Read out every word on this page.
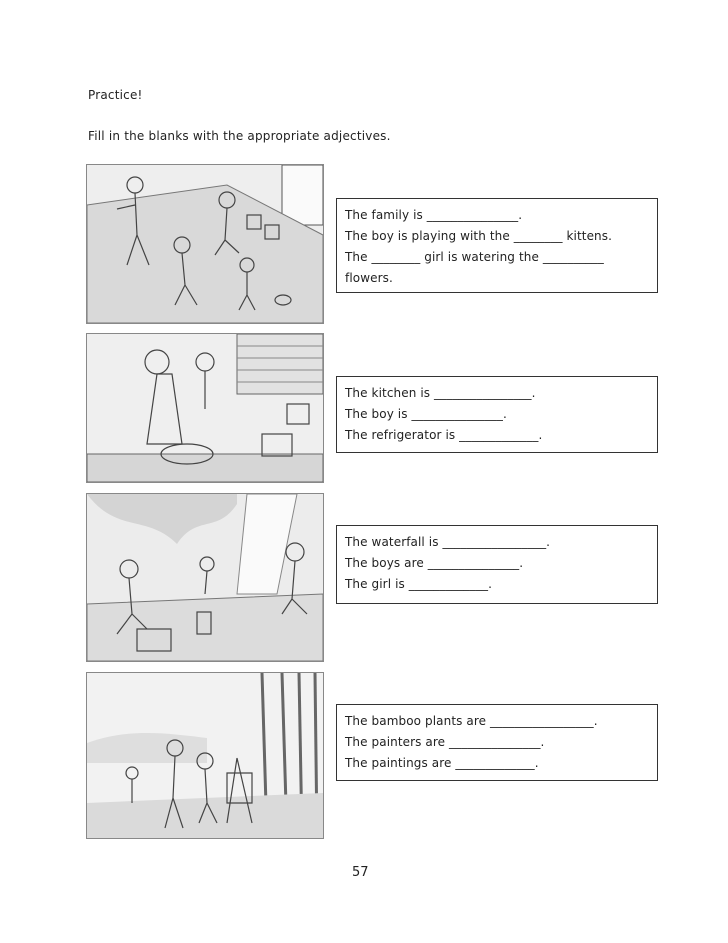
Practice!
Fill in the blanks with the appropriate adjectives.
The family is _______________.
The boy is playing with the ________ kittens.
The ________ girl is watering the __________
flowers.
The kitchen is ________________.
The boy is _______________.
The refrigerator is _____________.
The waterfall is _________________.
The boys are _______________.
The girl is _____________.
The bamboo plants are _________________.
The painters are _______________.
The paintings are _____________.
57
